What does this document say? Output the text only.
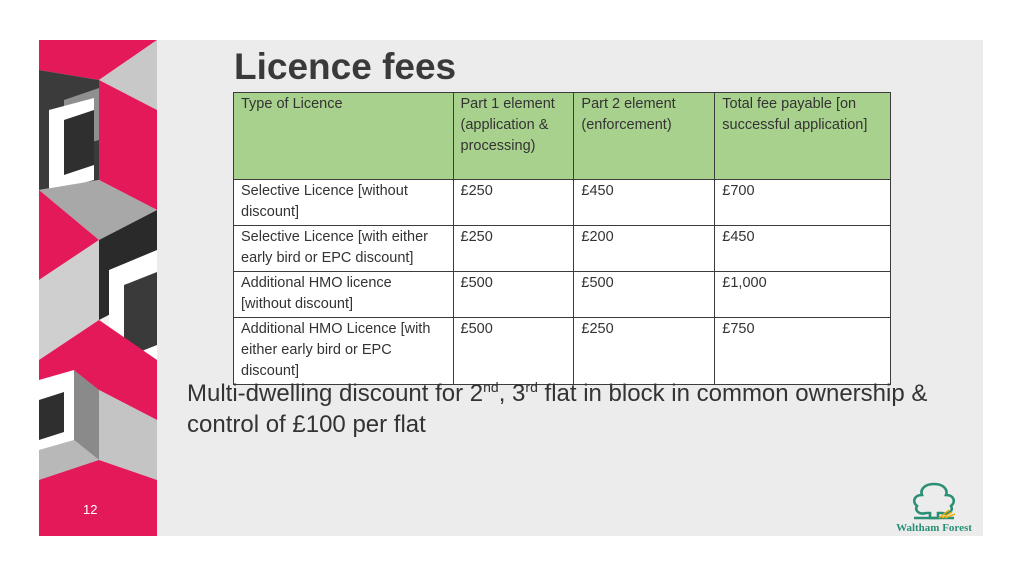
Licence fees
Type of Licence	Part 1 element (application & processing)	Part 2 element (enforcement)	Total fee payable [on successful application]
Selective Licence [without discount]	£250	£450	£700
Selective Licence [with either early bird or EPC discount]	£250	£200	£450
Additional HMO licence [without discount]	£500	£500	£1,000
Additional HMO Licence [with either early bird or EPC discount]	£500	£250	£750
Multi-dwelling discount for 2nd, 3rd flat in block in common ownership & control of £100 per flat
12
Waltham Forest
